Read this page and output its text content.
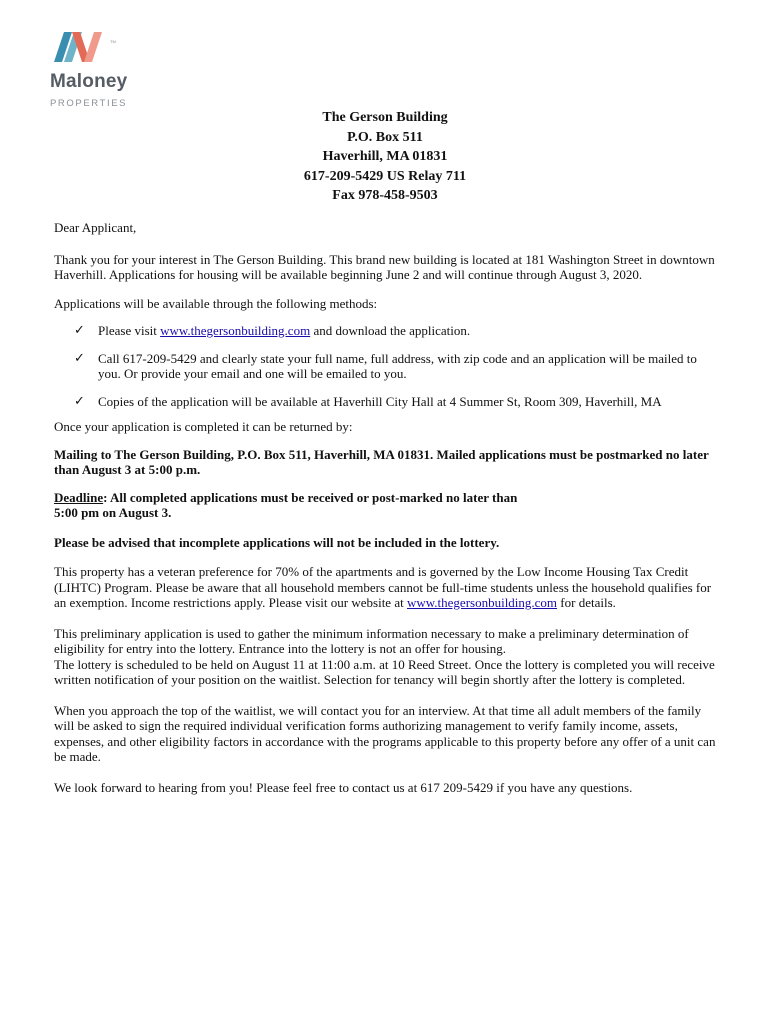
TM
Maloney
PROPERTIES
The Gerson Building
P.O. Box 511
Haverhill, MA 01831
617-209-5429 US Relay 711
Fax 978-458-9503

Dear Applicant,

Thank you for your interest in The Gerson Building. This brand new building is located at 181 Washington Street in downtown Haverhill. Applications for housing will be available beginning June 2 and will continue through August 3, 2020.

Applications will be available through the following methods:

✓ Please visit www.thegersonbuilding.com and download the application.
✓ Call 617-209-5429 and clearly state your full name, full address, with zip code and an application will be mailed to you. Or provide your email and one will be emailed to you.
✓ Copies of the application will be available at Haverhill City Hall at 4 Summer St, Room 309, Haverhill, MA

Once your application is completed it can be returned by:

Mailing to The Gerson Building, P.O. Box 511, Haverhill, MA 01831. Mailed applications must be postmarked no later than August 3 at 5:00 p.m.

Deadline: All completed applications must be received or post-marked no later than
5:00 pm on August 3.

Please be advised that incomplete applications will not be included in the lottery.

This property has a veteran preference for 70% of the apartments and is governed by the Low Income Housing Tax Credit (LIHTC) Program. Please be aware that all household members cannot be full-time students unless the household qualifies for an exemption. Income restrictions apply. Please visit our website at www.thegersonbuilding.com for details.

This preliminary application is used to gather the minimum information necessary to make a preliminary determination of eligibility for entry into the lottery. Entrance into the lottery is not an offer for housing.
The lottery is scheduled to be held on August 11 at 11:00 a.m. at 10 Reed Street. Once the lottery is completed you will receive written notification of your position on the waitlist. Selection for tenancy will begin shortly after the lottery is completed.

When you approach the top of the waitlist, we will contact you for an interview. At that time all adult members of the family will be asked to sign the required individual verification forms authorizing management to verify family income, assets, expenses, and other eligibility factors in accordance with the programs applicable to this property before any offer of a unit can be made.

We look forward to hearing from you! Please feel free to contact us at 617 209-5429 if you have any questions.
